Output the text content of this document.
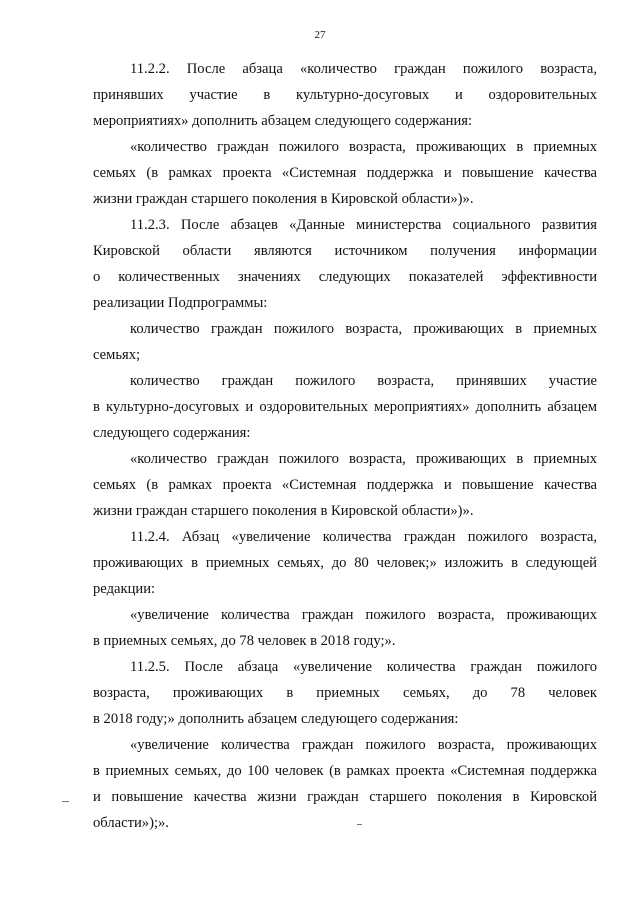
27
11.2.2. После абзаца «количество граждан пожилого возраста,
принявших участие в культурно-досуговых и оздоровительных
мероприятиях» дополнить абзацем следующего содержания:
«количество граждан пожилого возраста, проживающих в приемных
семьях (в рамках проекта «Системная поддержка и повышение качества
жизни граждан старшего поколения в Кировской области»)».
11.2.3. После абзацев «Данные министерства социального развития
Кировской области являются источником получения информации
о количественных значениях следующих показателей эффективности
реализации Подпрограммы:
количество граждан пожилого возраста, проживающих в приемных
семьях;
количество граждан пожилого возраста, принявших участие
в культурно-досуговых и оздоровительных мероприятиях» дополнить абзацем
следующего содержания:
«количество граждан пожилого возраста, проживающих в приемных
семьях (в рамках проекта «Системная поддержка и повышение качества
жизни граждан старшего поколения в Кировской области»)».
11.2.4. Абзац «увеличение количества граждан пожилого возраста,
проживающих в приемных семьях, до 80 человек;» изложить в следующей
редакции:
«увеличение количества граждан пожилого возраста, проживающих
в приемных семьях, до 78 человек в 2018 году;».
11.2.5. После абзаца «увеличение количества граждан пожилого
возраста, проживающих в приемных семьях, до 78 человек
в 2018 году;» дополнить абзацем следующего содержания:
«увеличение количества граждан пожилого возраста, проживающих
в приемных семьях, до 100 человек (в рамках проекта «Системная поддержка
и повышение качества жизни граждан старшего поколения в Кировской
области»);».
